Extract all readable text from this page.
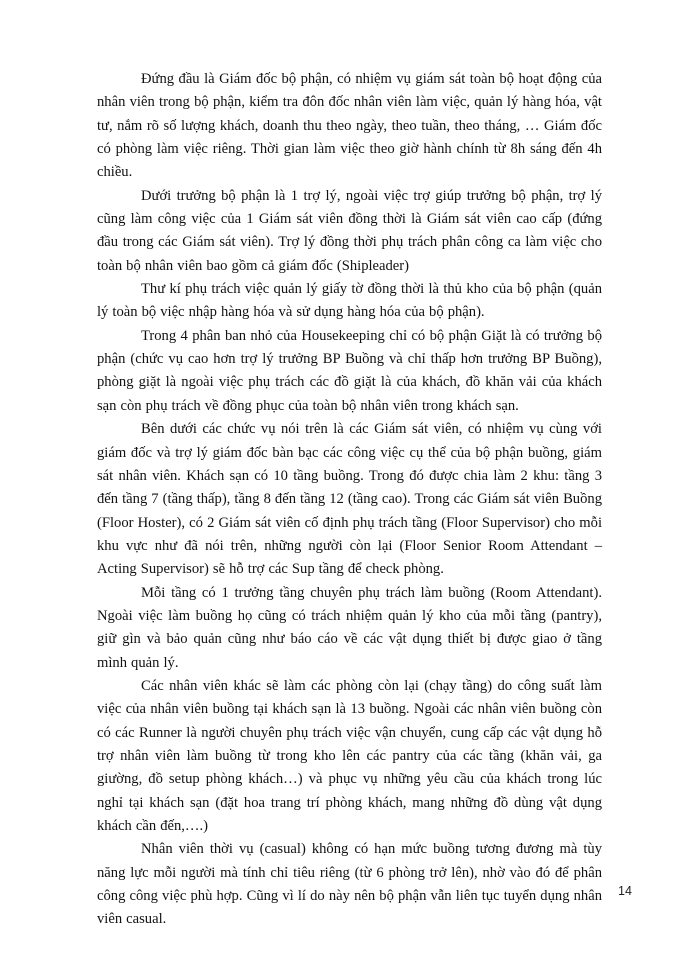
Đứng đầu là Giám đốc bộ phận, có nhiệm vụ giám sát toàn bộ hoạt động của nhân viên trong bộ phận, kiểm tra đôn đốc nhân viên làm việc, quản lý hàng hóa, vật tư, nắm rõ số lượng khách, doanh thu theo ngày, theo tuần, theo tháng, … Giám đốc có phòng làm việc riêng. Thời gian làm việc theo giờ hành chính từ 8h sáng đến 4h chiều.

Dưới trưởng bộ phận là 1 trợ lý, ngoài việc trợ giúp trưởng bộ phận, trợ lý cũng làm công việc của 1 Giám sát viên đồng thời là Giám sát viên cao cấp (đứng đầu trong các Giám sát viên). Trợ lý đồng thời phụ trách phân công ca làm việc cho toàn bộ nhân viên bao gồm cả giám đốc (Shipleader)

Thư kí phụ trách việc quản lý giấy tờ đồng thời là thủ kho của bộ phận (quản lý toàn bộ việc nhập hàng hóa và sử dụng hàng hóa của bộ phận).

Trong 4 phân ban nhỏ của Housekeeping chỉ có bộ phận Giặt là có trưởng bộ phận (chức vụ cao hơn trợ lý trưởng BP Buồng và chỉ thấp hơn trưởng BP Buồng), phòng giặt là ngoài việc phụ trách các đồ giặt là của khách, đồ khăn vải của khách sạn còn phụ trách về đồng phục của toàn bộ nhân viên trong khách sạn.

Bên dưới các chức vụ nói trên là các Giám sát viên, có nhiệm vụ cùng với giám đốc và trợ lý giám đốc bàn bạc các công việc cụ thể của bộ phận buồng, giám sát nhân viên. Khách sạn có 10 tầng buồng. Trong đó được chia làm 2 khu: tầng 3 đến tầng 7 (tầng thấp), tầng 8 đến tầng 12 (tầng cao). Trong các Giám sát viên Buồng (Floor Hoster), có 2 Giám sát viên cố định phụ trách tầng (Floor Supervisor) cho mỗi khu vực như đã nói trên, những người còn lại (Floor Senior Room Attendant – Acting Supervisor) sẽ hỗ trợ các Sup tầng để check phòng.

Mỗi tầng có 1 trưởng tầng chuyên phụ trách làm buồng (Room Attendant). Ngoài việc làm buồng họ cũng có trách nhiệm quản lý kho của mỗi tầng (pantry), giữ gìn và bảo quản cũng như báo cáo về các vật dụng thiết bị được giao ở tầng mình quản lý.

Các nhân viên khác sẽ làm các phòng còn lại (chạy tầng) do công suất làm việc của nhân viên buồng tại khách sạn là 13 buồng. Ngoài các nhân viên buồng còn có các Runner là người chuyên phụ trách việc vận chuyển, cung cấp các vật dụng hỗ trợ nhân viên làm buồng từ trong kho lên các pantry của các tầng (khăn vải, ga giường, đồ setup phòng khách…) và phục vụ những yêu cầu của khách trong lúc nghỉ tại khách sạn (đặt hoa trang trí phòng khách, mang những đồ dùng vật dụng khách cần đến,….)

Nhân viên thời vụ (casual) không có hạn mức buồng tương đương mà tùy năng lực mỗi người mà tính chỉ tiêu riêng (từ 6 phòng trở lên), nhờ vào đó để phân công công việc phù hợp. Cũng vì lí do này nên bộ phận vẫn liên tục tuyển dụng nhân viên casual.

14
